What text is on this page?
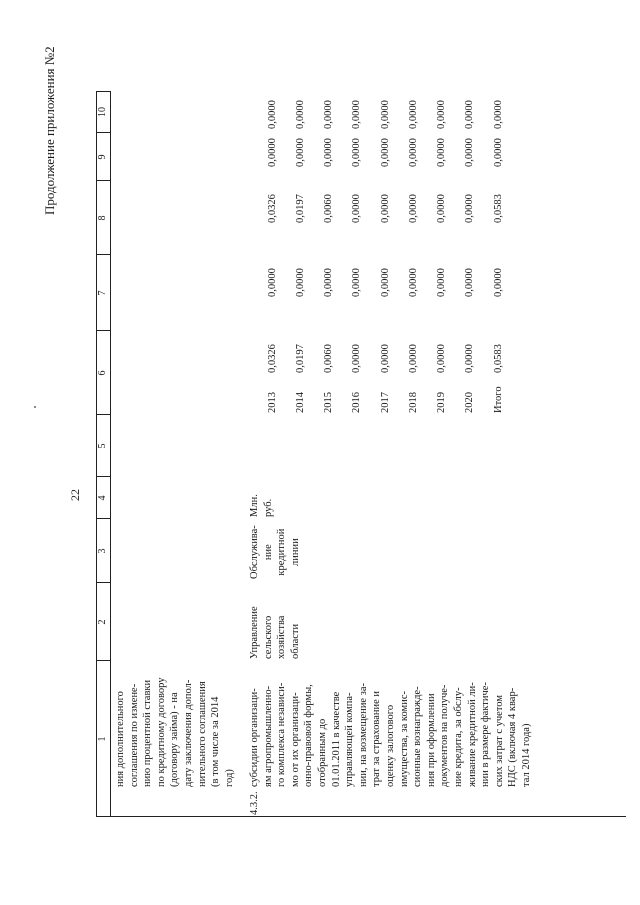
Продолжение приложения №2
22
1
2
3
4
5
6
7
8
9
10
ния дополнительного
соглашения по измене-
нию процентной ставки
по кредитному договору
(договору займа) - на
дату заключения допол-
нительного соглашения
(в том числе за 2014
год)
4.3.2.
субсидии организаци-
ям агропромышленно-
го комплекса независи-
мо от их организаци-
онно-правовой формы,
отобранным до
01.01.2011 в качестве
управляющей компа-
нии, на возмещение за-
трат за страхование и
оценку залогового
имущества, за комис-
сионные вознагражде-
ния при оформлении
документов на получе-
ние кредита, за обслу-
живание кредитной ли-
нии в размере фактиче-
ских затрат с учетом
НДС (включая 4 квар-
тал 2014 года)
Управление
сельского
хозяйства
области
Обслужива-
ние
кредитной
линии
Млн.
руб.

2013

2014

2015

2016

2017

2018

2019

2020

Итого

0,0326

0,0197

0,0060

0,0000

0,0000

0,0000

0,0000

0,0000

0,0583

0,0000

0,0000

0,0000

0,0000

0,0000

0,0000

0,0000

0,0000

0,0000

0,0326

0,0197

0,0060

0,0000

0,0000

0,0000

0,0000

0,0000

0,0583

0,0000

0,0000

0,0000

0,0000

0,0000

0,0000

0,0000

0,0000

0,0000

0,0000

0,0000

0,0000

0,0000

0,0000

0,0000

0,0000

0,0000

0,0000
